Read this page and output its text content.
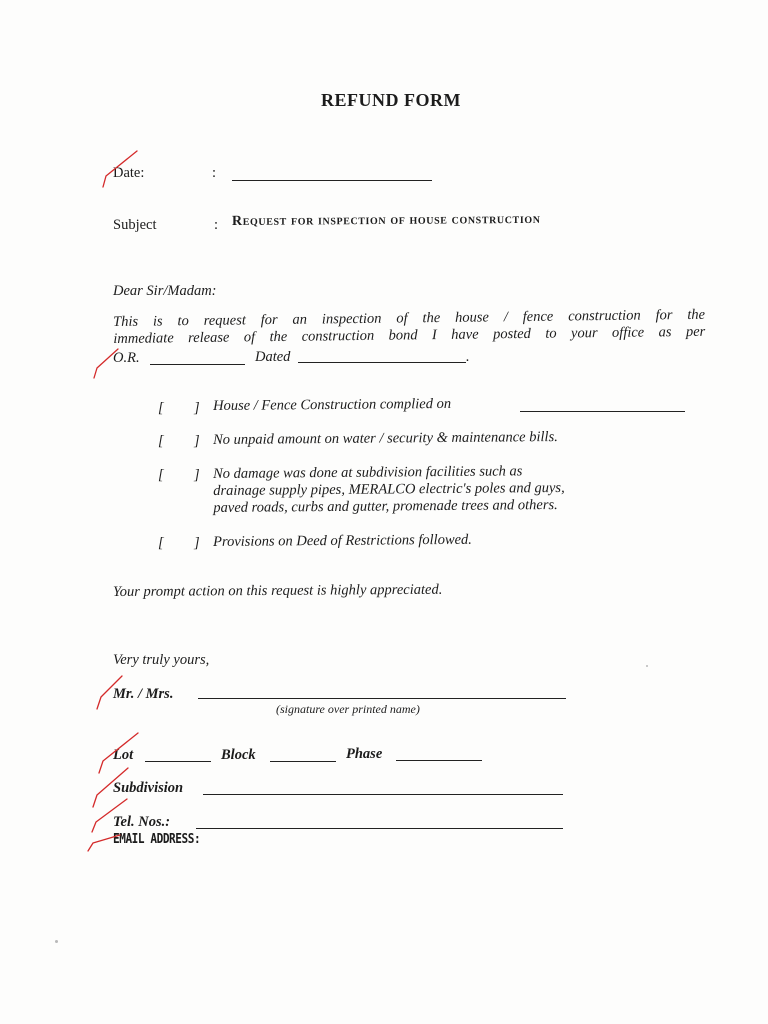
REFUND FORM
Date:	:
Subject	: Request for inspection of house construction
Dear Sir/Madam:
This is to request for an inspection of the house / fence construction for the
immediate release of the construction bond I have posted to your office as per
O.R.	Dated	.
[ ] House / Fence Construction complied on
[ ] No unpaid amount on water / security & maintenance bills.
[ ] No damage was done at subdivision facilities such as
drainage supply pipes, MERALCO electric's poles and guys,
paved roads, curbs and gutter, promenade trees and others.
[ ] Provisions on Deed of Restrictions followed.
Your prompt action on this request is highly appreciated.
Very truly yours,
Mr. / Mrs.
(signature over printed name)
Lot	Block	Phase
Subdivision
Tel. Nos.:
EMAIL ADDRESS:
